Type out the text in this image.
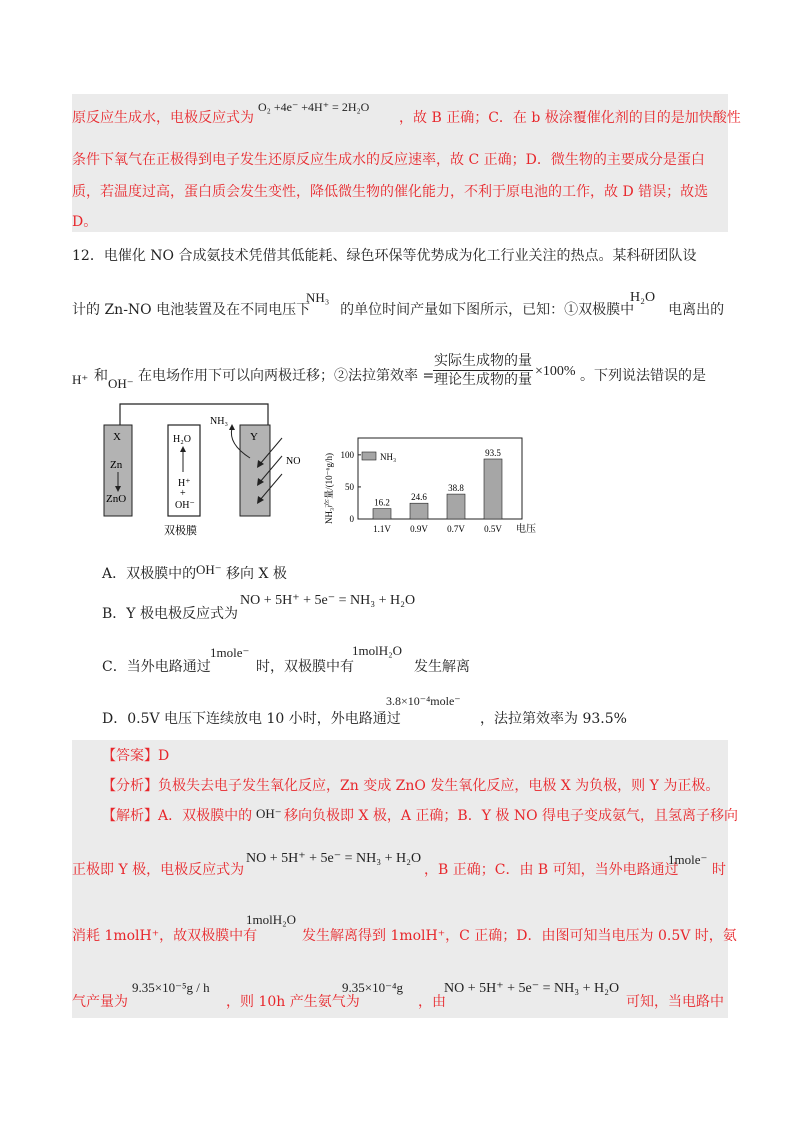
O₂ +4e⁻ +4H⁺ = 2H₂O
原反应生成水，电极反应式为	，故 B 正确；C．在 b 极涂覆催化剂的目的是加快酸性
条件下氧气在正极得到电子发生还原反应生成水的反应速率，故 C 正确；D．微生物的主要成分是蛋白
质，若温度过高，蛋白质会发生变性，降低微生物的催化能力，不利于原电池的工作，故 D 错误；故选
D。
12．电催化 NO 合成氨技术凭借其低能耗、绿色环保等优势成为化工行业关注的热点。某科研团队设
NH₃	H₂O
计的 Zn-NO 电池装置及在不同电压下 的单位时间产量如下图所示，已知：①双极膜中 电离出的
H⁺ OH⁻
和 在电场作用下可以向两极迁移；②法拉第效率 =
实际生成物的量
理论生成物的量
×100% 。下列说法错误的是
X
Zn
ZnO
H₂O
H⁺
+
OH⁻
Y
NH₃
NO
双极膜
NH₃产量/(10⁻⁶g/h)	NH₃
电压
0
50
100
16.2
1.1V
24.6
0.9V
38.8
0.7V
93.5
0.5V
A．双极膜中的 OH⁻ 移向 X 极
B．Y 极电极反应式为
NO + 5H⁺ + 5e⁻ = NH₃ + H₂O
C．当外电路通过
1mole⁻
时，双极膜中有
1molH₂O
发生解离
D．0.5V 电压下连续放电 10 小时，外电路通过
3.8×10⁻⁴mole⁻
，法拉第效率为 93.5%
【答案】D
【分析】负极失去电子发生氧化反应，Zn 变成 ZnO 发生氧化反应，电极 X 为负极，则 Y 为正极。
【解析】A．双极膜中的 OH⁻ 移向负极即 X 极，A 正确；B．Y 极 NO 得电子变成氨气，且氢离子移向
正极即 Y 极，电极反应式为
NO + 5H⁺ + 5e⁻ = NH₃ + H₂O
，B 正确；C．由 B 可知，当外电路通过
1mole⁻
时
消耗 1molH⁺，故双极膜中有
1molH₂O
发生解离得到 1molH⁺，C 正确；D．由图可知当电压为 0.5V 时，氨
气产量为
9.35×10⁻⁵g / h
，则 10h 产生氨气为
9.35×10⁻⁴g
，由
NO + 5H⁺ + 5e⁻ = NH₃ + H₂O
可知，当电路中
